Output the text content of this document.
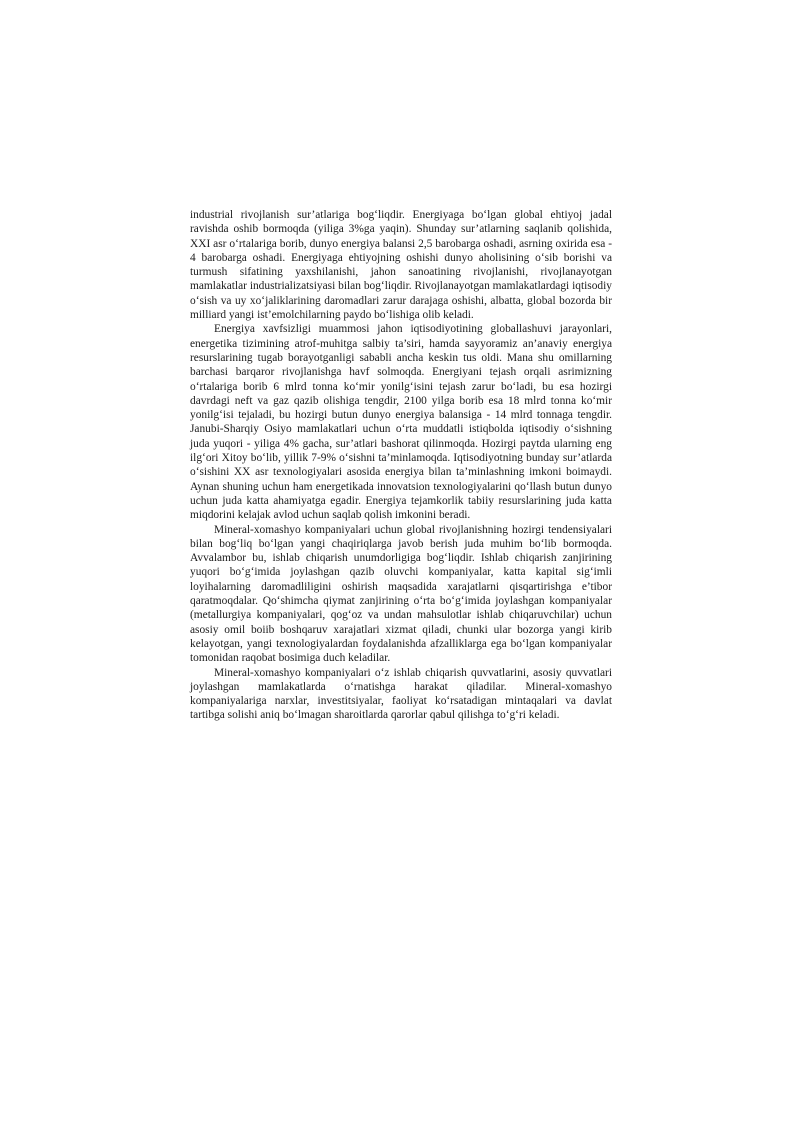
industrial rivojlanish sur’atlariga bog‘liqdir. Energiyaga bo‘lgan global ehtiyoj jadal ravishda oshib bormoqda (yiliga 3%ga yaqin). Shunday sur’atlarning saqlanib qolishida, XXI asr o‘rtalariga borib, dunyo energiya balansi 2,5 barobarga oshadi, asrning oxirida esa - 4 barobarga oshadi. Energiyaga ehtiyojning oshishi dunyo aholisining o‘sib borishi va turmush sifatining yaxshilanishi, jahon sanoatining rivojlanishi, rivojlanayotgan mamlakatlar industrializatsiyasi bilan bog‘liqdir. Rivojlanayotgan mamlakatlardagi iqtisodiy o‘sish va uy xo‘jaliklarining daromadlari zarur darajaga oshishi, albatta, global bozorda bir milliard yangi ist’emolchilarning paydo bo‘lishiga olib keladi.

Energiya xavfsizligi muammosi jahon iqtisodiyotining globallashuvi jarayonlari, energetika tizimining atrof-muhitga salbiy ta’siri, hamda sayyoramiz an’anaviy energiya resurslarining tugab borayotganligi sababli ancha keskin tus oldi. Mana shu omillarning barchasi barqaror rivojlanishga havf solmoqda. Energiyani tejash orqali asrimizning o‘rtalariga borib 6 mlrd tonna ko‘mir yonilg‘isini tejash zarur bo‘ladi, bu esa hozirgi davrdagi neft va gaz qazib olishiga tengdir, 2100 yilga borib esa 18 mlrd tonna ko‘mir yonilg‘isi tejaladi, bu hozirgi butun dunyo energiya balansiga - 14 mlrd tonnaga tengdir. Janubi-Sharqiy Osiyo mamlakatlari uchun o‘rta muddatli istiqbolda iqtisodiy o‘sishning juda yuqori - yiliga 4% gacha, sur’atlari bashorat qilinmoqda. Hozirgi paytda ularning eng ilg‘ori Xitoy bo‘lib, yillik 7-9% o‘sishni ta’minlamoqda. Iqtisodiyotning bunday sur’atlarda o‘sishini XX asr texnologiyalari asosida energiya bilan ta’minlashning imkoni boimaydi. Aynan shuning uchun ham energetikada innovatsion texnologiyalarini qo‘llash butun dunyo uchun juda katta ahamiyatga egadir. Energiya tejamkorlik tabiiy resurslarining juda katta miqdorini kelajak avlod uchun saqlab qolish imkonini beradi.

Mineral-xomashyo kompaniyalari uchun global rivojlanishning hozirgi tendensiyalari bilan bog‘liq bo‘lgan yangi chaqiriqlarga javob berish juda muhim bo‘lib bormoqda. Avvalambor bu, ishlab chiqarish unumdorligiga bog‘liqdir. Ishlab chiqarish zanjirining yuqori bo‘g‘imida joylashgan qazib oluvchi kompaniyalar, katta kapital sig‘imli loyihalarning daromadliligini oshirish maqsadida xarajatlarni qisqartirishga e’tibor qaratmoqdalar. Qo‘shimcha qiymat zanjirining o‘rta bo‘g‘imida joylashgan kompaniyalar (metallurgiya kompaniyalari, qog‘oz va undan mahsulotlar ishlab chiqaruvchilar) uchun asosiy omil boiib boshqaruv xarajatlari xizmat qiladi, chunki ular bozorga yangi kirib kelayotgan, yangi texnologiyalardan foydalanishda afzalliklarga ega bo‘lgan kompaniyalar tomonidan raqobat bosimiga duch keladilar.

Mineral-xomashyo kompaniyalari o‘z ishlab chiqarish quvvatlarini, asosiy quvvatlari joylashgan mamlakatlarda o‘rnatishga harakat qiladilar. Mineral-xomashyo kompaniyalariga narxlar, investitsiyalar, faoliyat ko‘rsatadigan mintaqalari va davlat tartibga solishi aniq bo‘lmagan sharoitlarda qarorlar qabul qilishga to‘g‘ri keladi.
